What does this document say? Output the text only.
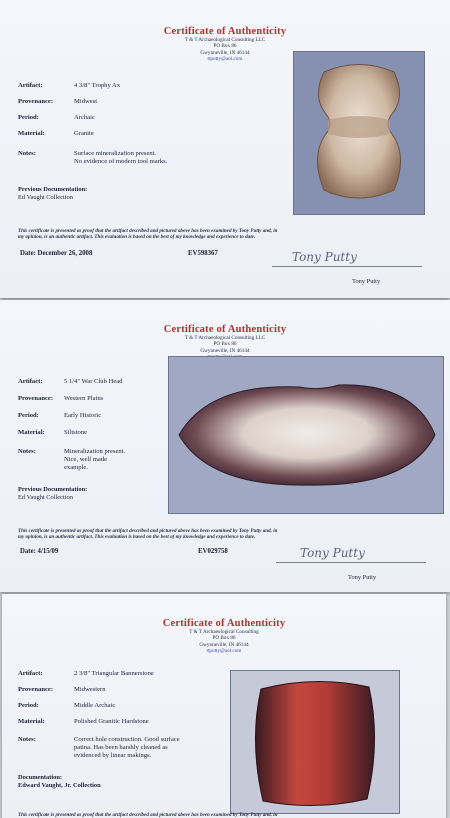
Certificate of Authenticity
T & T Archaeological Consulting LLC
PO Box 86
Gwynneville, IN 46144
ttputty@aol.com
Artifact:	4 3/8" Trophy Ax
Provenance:	Midwest
Period:	Archaic
Material:	Granite
Notes:	Surface mineralization present.
No evidence of modern tool marks.
Previous Documentation:
Ed Vaught Collection
This certificate is presented as proof that the artifact described and pictured above has been examined by Tony Putty and, in
my opinion, is an authentic artifact. This evaluation is based on the best of my knowledge and experience to date.
Date: December 26, 2008	EV598367	Tony Putty
Tony Putty
Certificate of Authenticity
T & T Archaeological Consulting LLC
PO Box 86
Gwynneville, IN 46144
Artifact:	5 1/4" War Club Head
Provenance: Western Plains
Period:	Early Historic
Material:	Siltstone
Notes:	Mineralization present.
Nice, well made
example.
Previous Documentation:
Ed Vaught Collection
This certificate is presented as proof that the artifact described and pictured above has been examined by Tony Putty and, in
my opinion, is an authentic artifact. This evaluation is based on the best of my knowledge and experience to date.
Date: 4/15/09	EV029758	Tony Putty
Tony Putty
Certificate of Authenticity
T & T Archaeological Consulting
PO Box 86
Gwynneville, IN 46144
ttputty@aol.com
Artifact:	2 3/8" Triangular Bannerstone
Provenance:	Midwestern
Period:	Middle Archaic
Material:	Polished Granitic Hardstone
Notes:	Correct hole construction. Good surface
patina. Has been harshly cleaned as
evidenced by linear makings.
Documentation:
Edward Vaught, Jr. Collection
This certificate is presented as proof that the artifact described and pictured above has been examined by Tony Putty and, in
